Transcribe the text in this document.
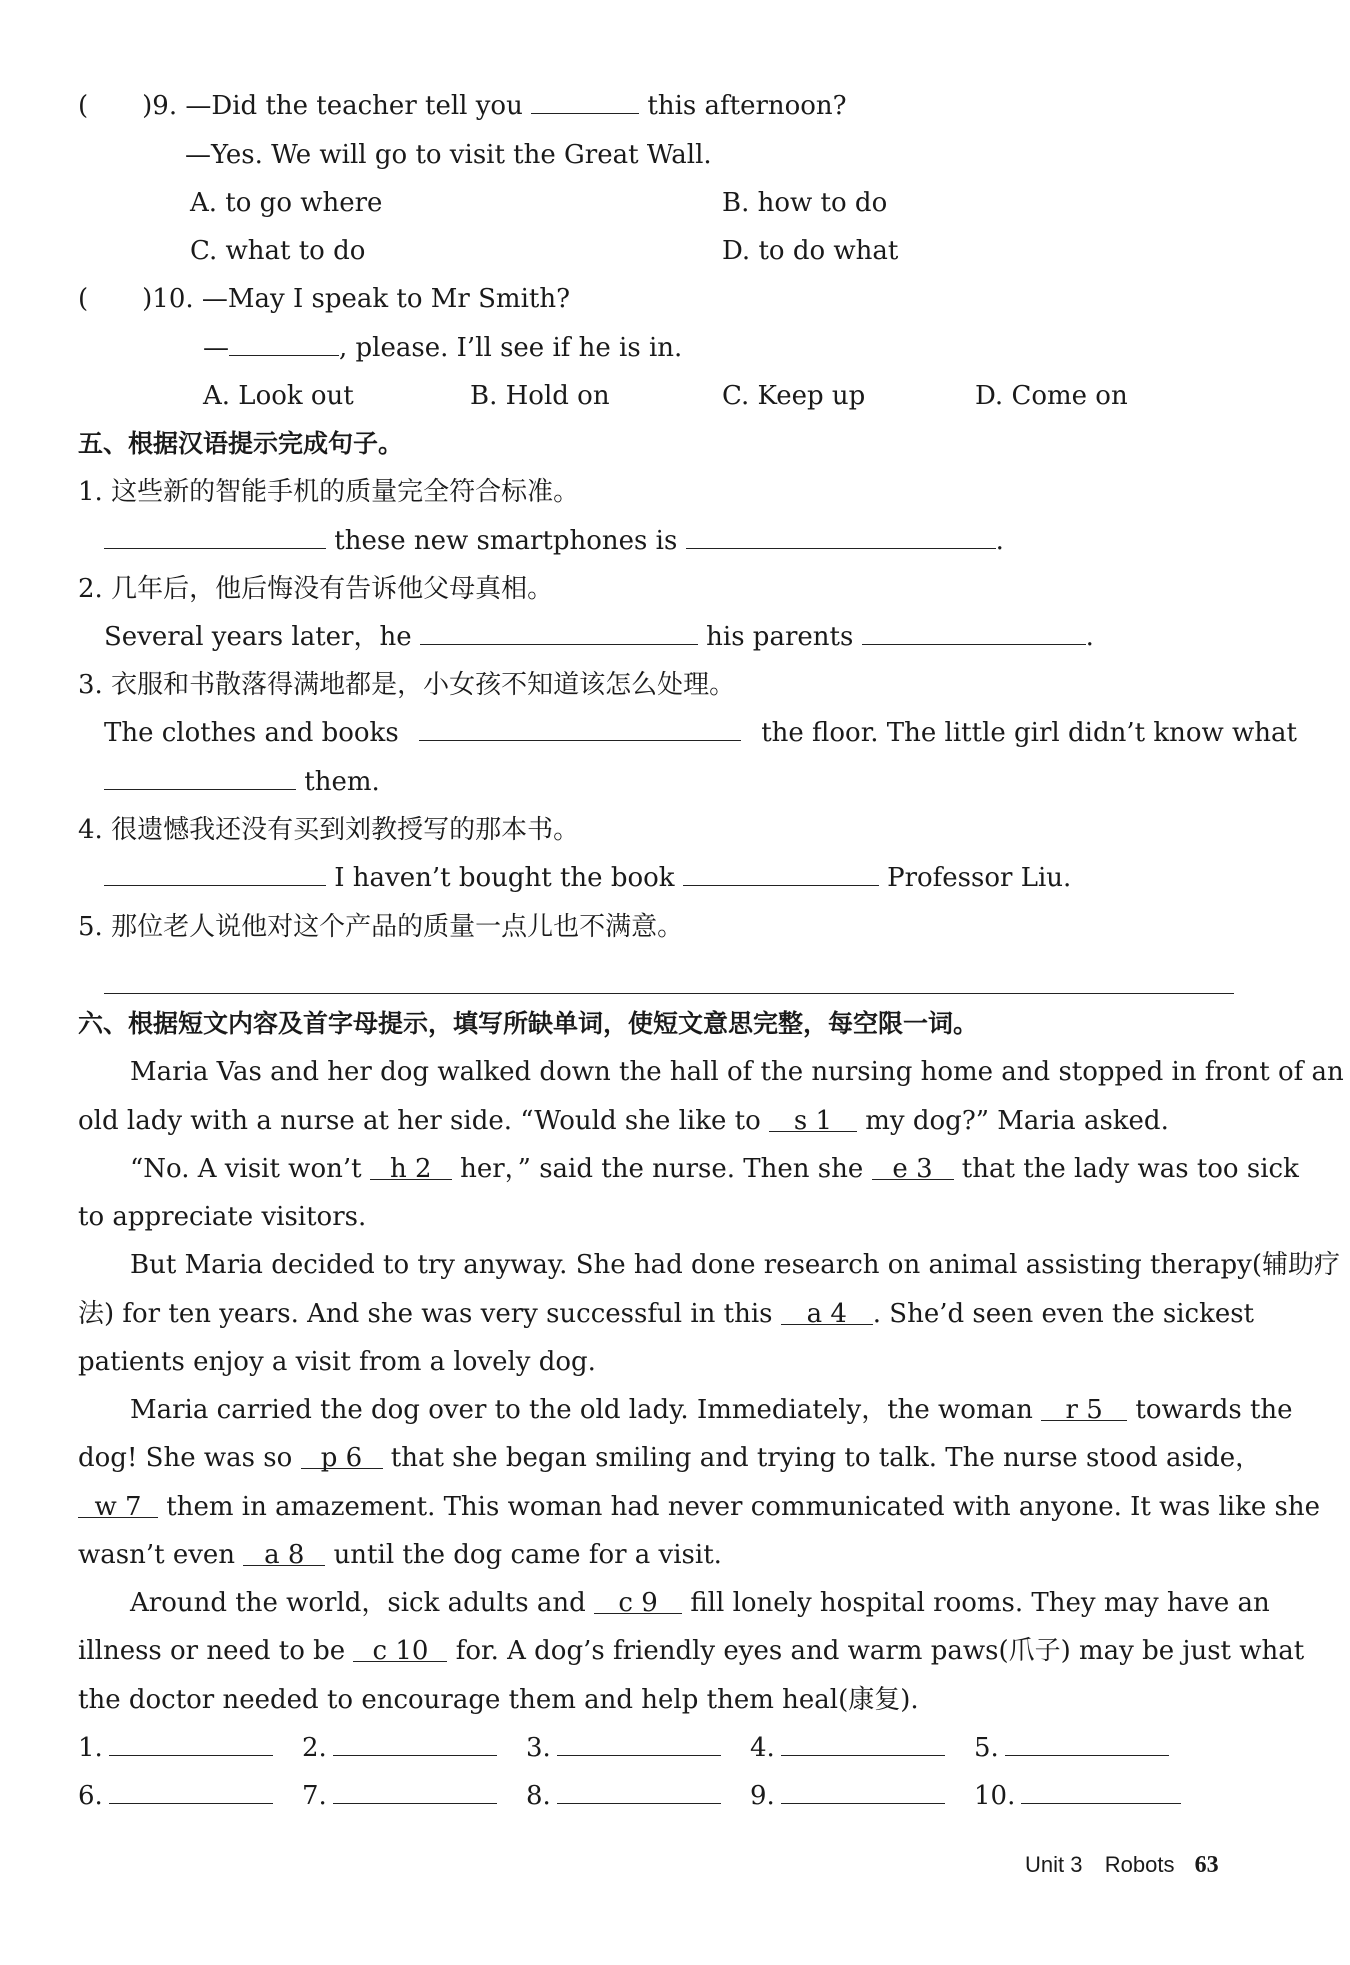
( )9. —Did the teacher tell you	this afternoon?
—Yes. We will go to visit the Great Wall.
A. to go where	B. how to do
C. what to do	D. to do what
( )10. —May I speak to Mr Smith?
—	, please. I’ll see if he is in.
A. Look out	B. Hold on	C. Keep up	D. Come on
五、根据汉语提示完成句子。
1. 这些新的智能手机的质量完全符合标准。
these new smartphones is	.
2. 几年后，他后悔没有告诉他父母真相。
Several years later，he	his parents	.
3. 衣服和书散落得满地都是，小女孩不知道该怎么处理。
The clothes and books	the floor. The little girl didn’t know what
them.
4. 很遗憾我还没有买到刘教授写的那本书。
I haven’t bought the book	Professor Liu.
5. 那位老人说他对这个产品的质量一点儿也不满意。
六、根据短文内容及首字母提示，填写所缺单词，使短文意思完整，每空限一词。
Maria Vas and her dog walked down the hall of the nursing home and stopped in front of an
old lady with a nurse at her side. “Would she like to s 1 my dog?” Maria asked.
“No. A visit won’t h 2 her，” said the nurse. Then she e 3 that the lady was too sick
to appreciate visitors.
But Maria decided to try anyway. She had done research on animal assisting therapy(辅助疗
法) for ten years. And she was very successful in this a 4 . She’d seen even the sickest
patients enjoy a visit from a lovely dog.
Maria carried the dog over to the old lady. Immediately，the woman r 5 towards the
dog! She was so p 6 that she began smiling and trying to talk. The nurse stood aside，
w 7 them in amazement. This woman had never communicated with anyone. It was like she
wasn’t even a 8 until the dog came for a visit.
Around the world，sick adults and c 9 fill lonely hospital rooms. They may have an
illness or need to be c 10 for. A dog’s friendly eyes and warm paws(爪子) may be just what
the doctor needed to encourage them and help them heal(康复).
1.	2.	3.	4.	5.
6.	7.	8.	9.	10.
Unit 3 Robots 63
